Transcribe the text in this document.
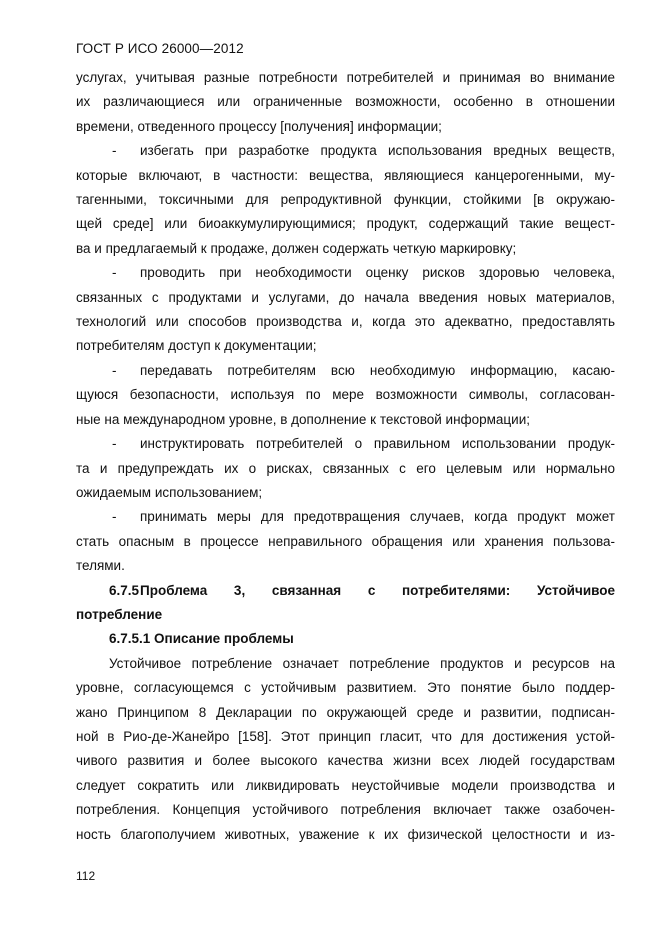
ГОСТ Р ИСО 26000—2012

услугах, учитывая разные потребности потребителей и принимая во внимание

их различающиеся или ограниченные возможности, особенно в отношении

времени, отведенного процессу [получения] информации;

-	избегать при разработке продукта использования вредных веществ,

которые включают, в частности: вещества, являющиеся канцерогенными, му-

тагенными, токсичными для репродуктивной функции, стойкими [в окружаю-

щей среде] или биоаккумулирующимися; продукт, содержащий такие вещест-

ва и предлагаемый к продаже, должен содержать четкую маркировку;

-	проводить при необходимости оценку рисков здоровью человека,

связанных с продуктами и услугами, до начала введения новых материалов,

технологий или способов производства и, когда это адекватно, предоставлять

потребителям доступ к документации;

-	передавать потребителям всю необходимую информацию, касаю-

щуюся безопасности, используя по мере возможности символы, согласован-

ные на международном уровне, в дополнение к текстовой информации;

-	инструктировать потребителей о правильном использовании продук-

та и предупреждать их о рисках, связанных с его целевым или нормально

ожидаемым использованием;

-	принимать меры для предотвращения случаев, когда продукт может

стать опасным в процессе неправильного обращения или хранения пользова-

телями.

6.7.5 Проблема 3, связанная с потребителями: Устойчивое

потребление

6.7.5.1 Описание проблемы

Устойчивое потребление означает потребление продуктов и ресурсов на

уровне, согласующемся с устойчивым развитием. Это понятие было поддер-

жано Принципом 8 Декларации по окружающей среде и развитии, подписан-

ной в Рио-де-Жанейро [158]. Этот принцип гласит, что для достижения устой-

чивого развития и более высокого качества жизни всех людей государствам

следует сократить или ликвидировать неустойчивые модели производства и

потребления. Концепция устойчивого потребления включает также озабочен-

ность благополучием животных, уважение к их физической целостности и из-

112
